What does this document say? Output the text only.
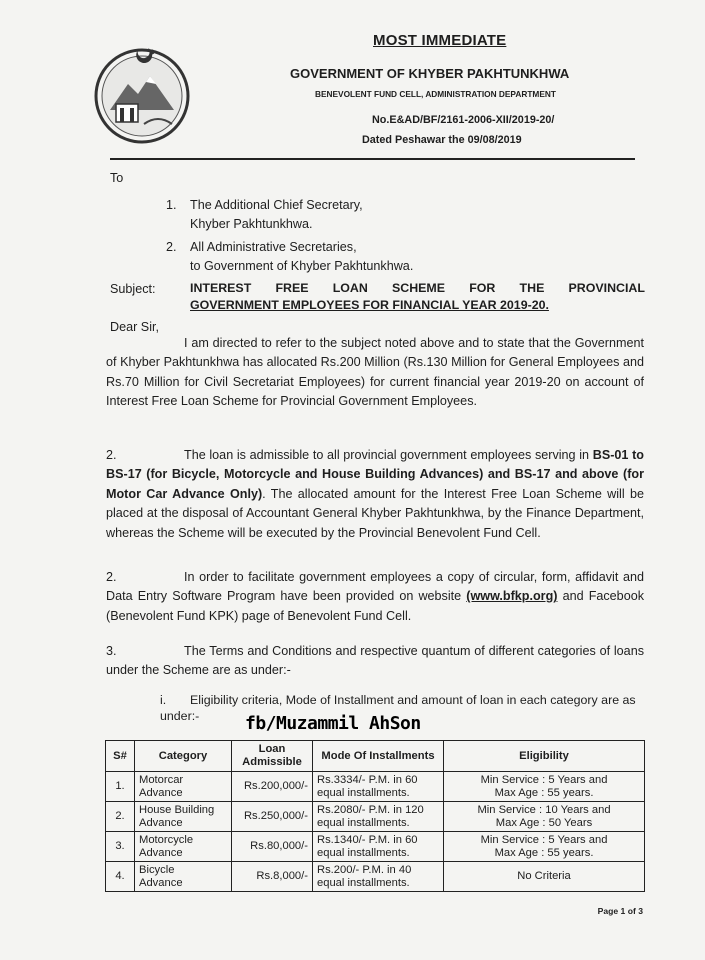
MOST IMMEDIATE
GOVERNMENT OF KHYBER PAKHTUNKHWA
BENEVOLENT FUND CELL, ADMINISTRATION DEPARTMENT
No.E&AD/BF/2161-2006-XII/2019-20/
Dated Peshawar the 09/08/2019
To
1. The Additional Chief Secretary,
Khyber Pakhtunkhwa.
2. All Administrative Secretaries,
to Government of Khyber Pakhtunkhwa.
Subject:	INTEREST FREE LOAN SCHEME FOR THE PROVINCIAL
GOVERNMENT EMPLOYEES FOR FINANCIAL YEAR 2019-20.
Dear Sir,
I am directed to refer to the subject noted above and to state that the Government of Khyber Pakhtunkhwa has allocated Rs.200 Million (Rs.130 Million for General Employees and Rs.70 Million for Civil Secretariat Employees) for current financial year 2019-20 on account of Interest Free Loan Scheme for Provincial Government Employees.
2.	The loan is admissible to all provincial government employees serving in BS-01 to BS-17 (for Bicycle, Motorcycle and House Building Advances) and BS-17 and above (for Motor Car Advance Only). The allocated amount for the Interest Free Loan Scheme will be placed at the disposal of Accountant General Khyber Pakhtunkhwa, by the Finance Department, whereas the Scheme will be executed by the Provincial Benevolent Fund Cell.
2.	In order to facilitate government employees a copy of circular, form, affidavit and Data Entry Software Program have been provided on website (www.bfkp.org) and Facebook (Benevolent Fund KPK) page of Benevolent Fund Cell.
3.	The Terms and Conditions and respective quantum of different categories of loans under the Scheme are as under:-
i. Eligibility criteria, Mode of Installment and amount of loan in each category are as under:-	fb/Muzammil AhSon
S#	Category	Loan Admissible	Mode Of Installments	Eligibility
1.	Motorcar
Advance	Rs.200,000/-	Rs.3334/- P.M. in 60
equal installments.	Min Service : 5 Years and
Max Age : 55 years.
2.	House Building
Advance	Rs.250,000/-	Rs.2080/- P.M. in 120
equal installments.	Min Service : 10 Years and
Max Age : 50 Years
3.	Motorcycle
Advance	Rs.80,000/-	Rs.1340/- P.M. in 60
equal installments.	Min Service : 5 Years and
Max Age : 55 years.
4.	Bicycle
Advance	Rs.8,000/-	Rs.200/- P.M. in 40
equal installments.	No Criteria
Page 1 of 3
